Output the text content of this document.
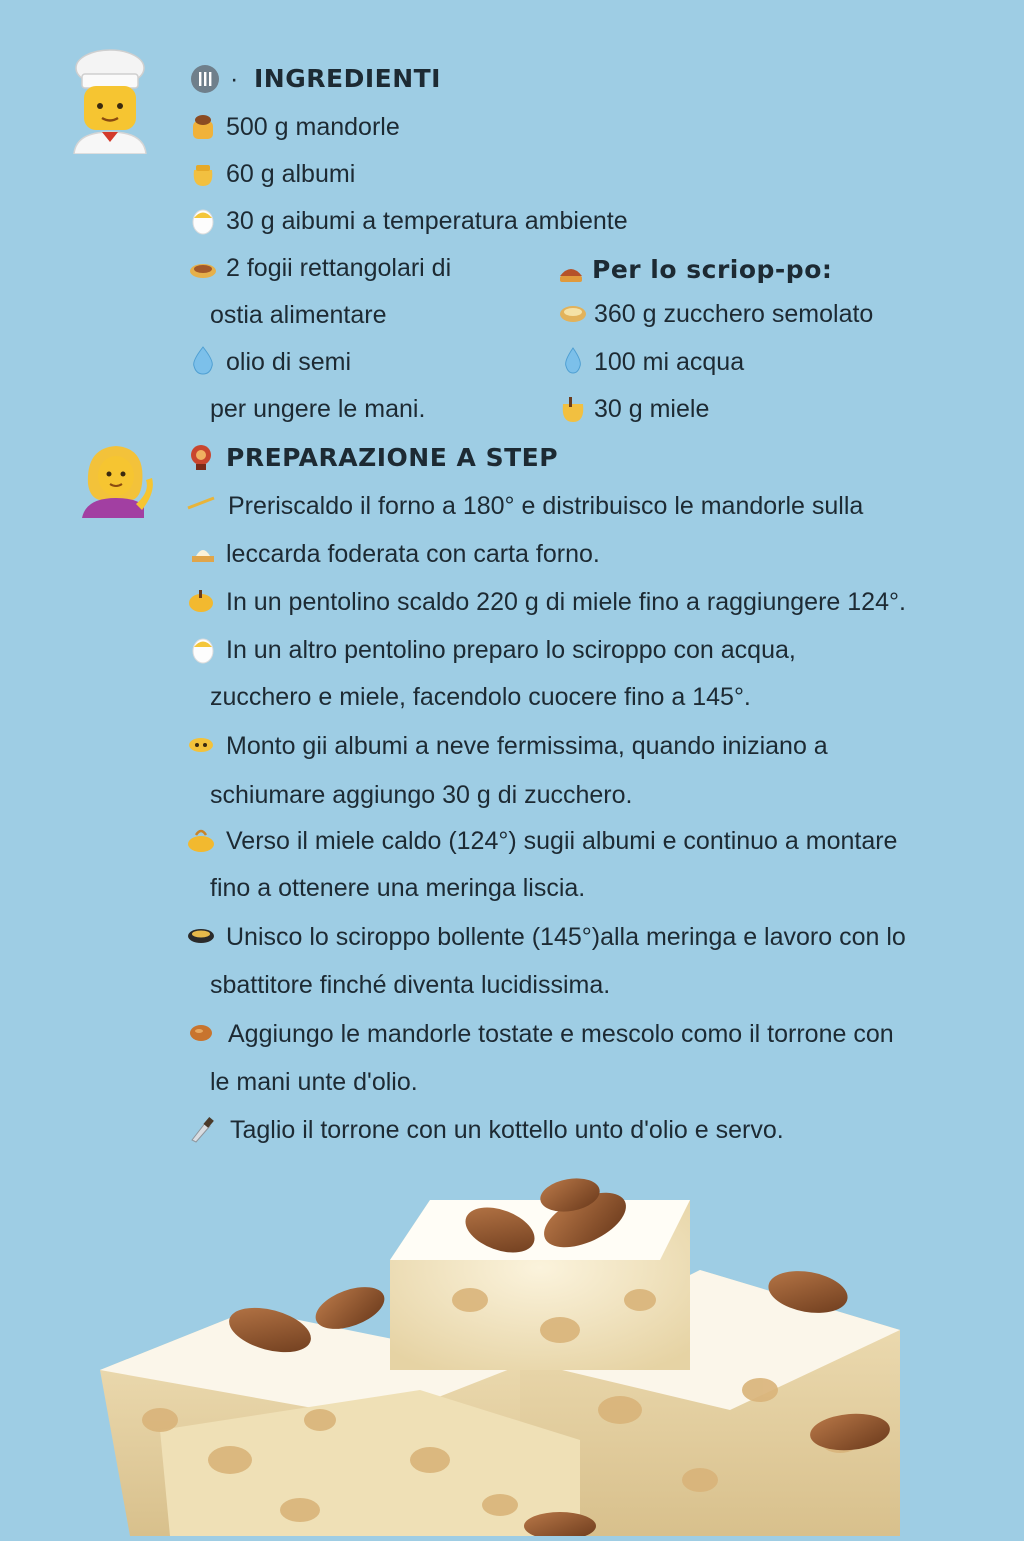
· INGREDIENTI
500 g mandorle
60 g albumi
30 g aibumi a temperatura ambiente
2 fogii rettangolari di
ostia alimentare
olio di semi
per ungere le mani.
Per lo scriop-po:
360 g zucchero semolato
100 mi acqua
30 g miele
PREPARAZIONE A STEP
Preriscaldo il forno a 180° e distribuisco le mandorle sulla
leccarda foderata con carta forno.
In un pentolino scaldo 220 g di miele fino a raggiungere 124°.
In un altro pentolino preparo lo sciroppo con acqua,
zucchero e miele, facendolo cuocere fino a 145°.
Monto gii albumi a neve fermissima, quando iniziano a
schiumare aggiungo 30 g di zucchero.
Verso il miele caldo (124°) sugii albumi e continuo a montare
fino a ottenere una meringa liscia.
Unisco lo sciroppo bollente (145°)alla meringa e lavoro con lo
sbattitore finché diventa lucidissima.
Aggiungo le mandorle tostate e mescolo como il torrone con
le mani unte d'olio.
Taglio il torrone con un kottello unto d'olio e servo.
